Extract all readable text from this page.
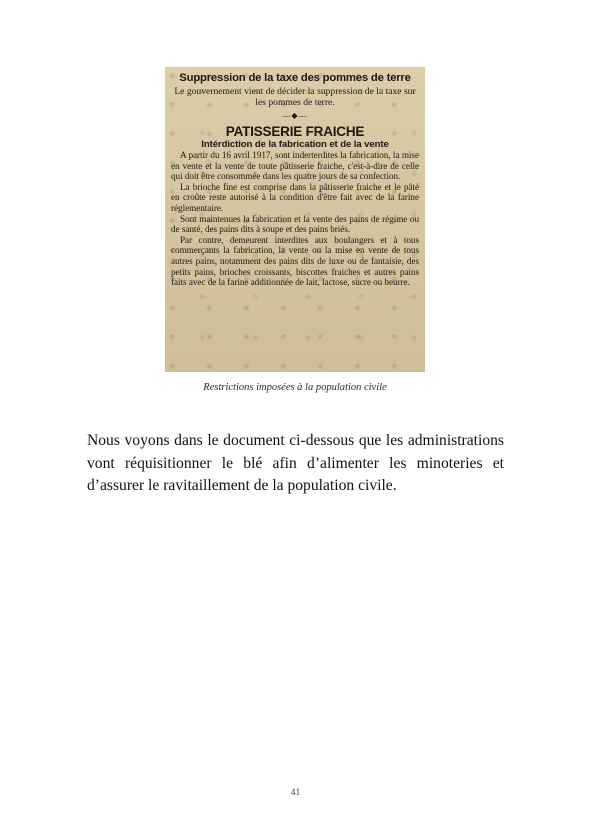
Suppression de la taxe des pommes de terre
Le gouvernement vient de décider la suppression de la taxe sur les pommes de terre.
—◆—
PATISSERIE FRAICHE
Intérdiction de la fabrication et de la vente

A partir du 16 avril 1917, sont inderterdites la fabrication, la mise en vente et la vente de toute pâtisserie fraiche, c'est-à-dire de celle qui doit être consommée dans les quatre jours de sa confection.

La brioche fine est comprise dans la pâtisserie fraiche et le pâté en croûte reste autorisé à la condition d'être fait avec de la farine réglementaire.

Sont maintenues la fabrication et la vente des pains de régime ou de santé, des pains dits à soupe et des pains briés.

Par contre, demeurent interdites aux boulangers et à tous commerçants la fabrication, la vente ou la mise en vente de tous autres pains, notamment des pains dits de luxe ou de fantaisie, des petits pains, brioches croissants, biscottes fraiches et autres pains faits avec de la farine additionnée de lait, lactose, sucre ou beurre.

Restrictions imposées à la population civile
Nous voyons dans le document ci-dessous que les administrations vont réquisitionner le blé afin d’alimenter les minoteries et d’assurer le ravitaillement de la population civile.
41
